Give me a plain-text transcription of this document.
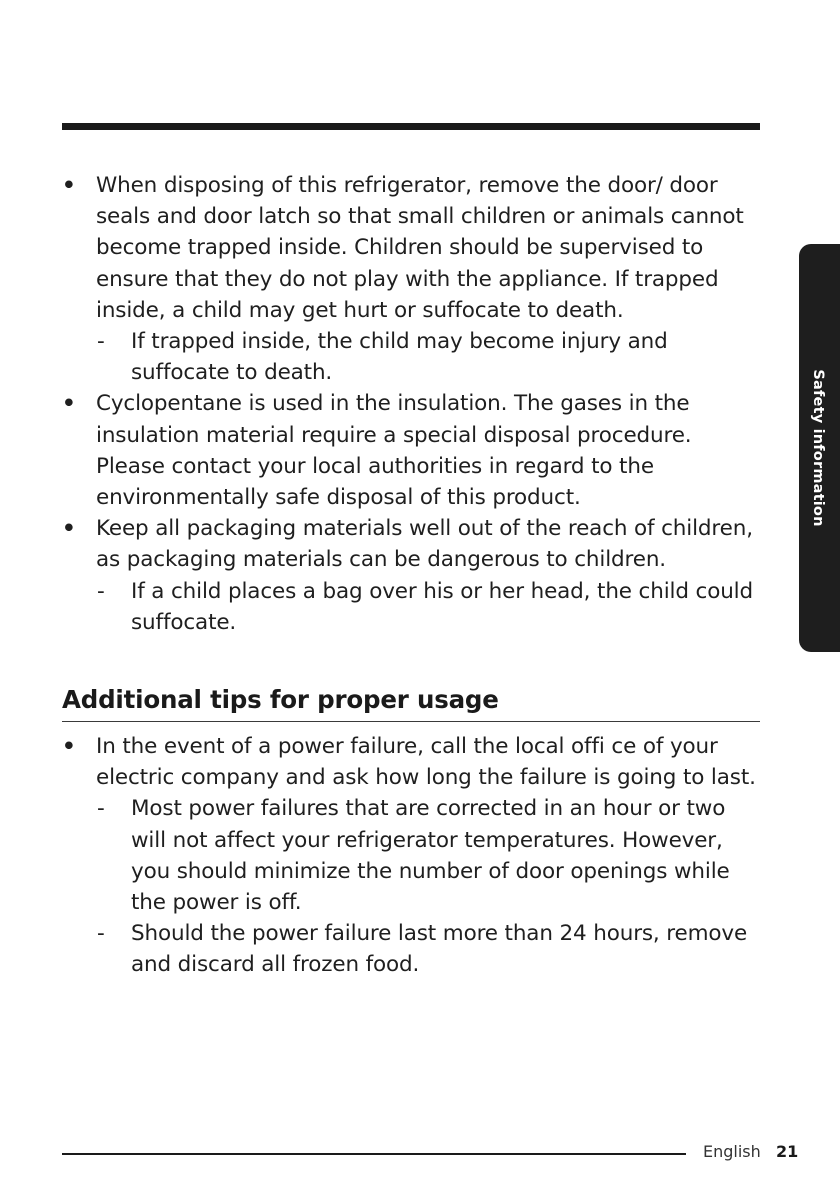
Safety information
• When disposing of this refrigerator, remove the door/ door seals and door latch so that small children or animals cannot become trapped inside. Children should be supervised to ensure that they do not play with the appliance. If trapped inside, a child may get hurt or suffocate to death.
- If trapped inside, the child may become injury and suffocate to death.
• Cyclopentane is used in the insulation. The gases in the insulation material require a special disposal procedure. Please contact your local authorities in regard to the environmentally safe disposal of this product.
• Keep all packaging materials well out of the reach of children, as packaging materials can be dangerous to children.
- If a child places a bag over his or her head, the child could suffocate.
Additional tips for proper usage
• In the event of a power failure, call the local offi ce of your electric company and ask how long the failure is going to last.
- Most power failures that are corrected in an hour or two will not affect your refrigerator temperatures. However, you should minimize the number of door openings while the power is off.
- Should the power failure last more than 24 hours, remove and discard all frozen food.
English 21
